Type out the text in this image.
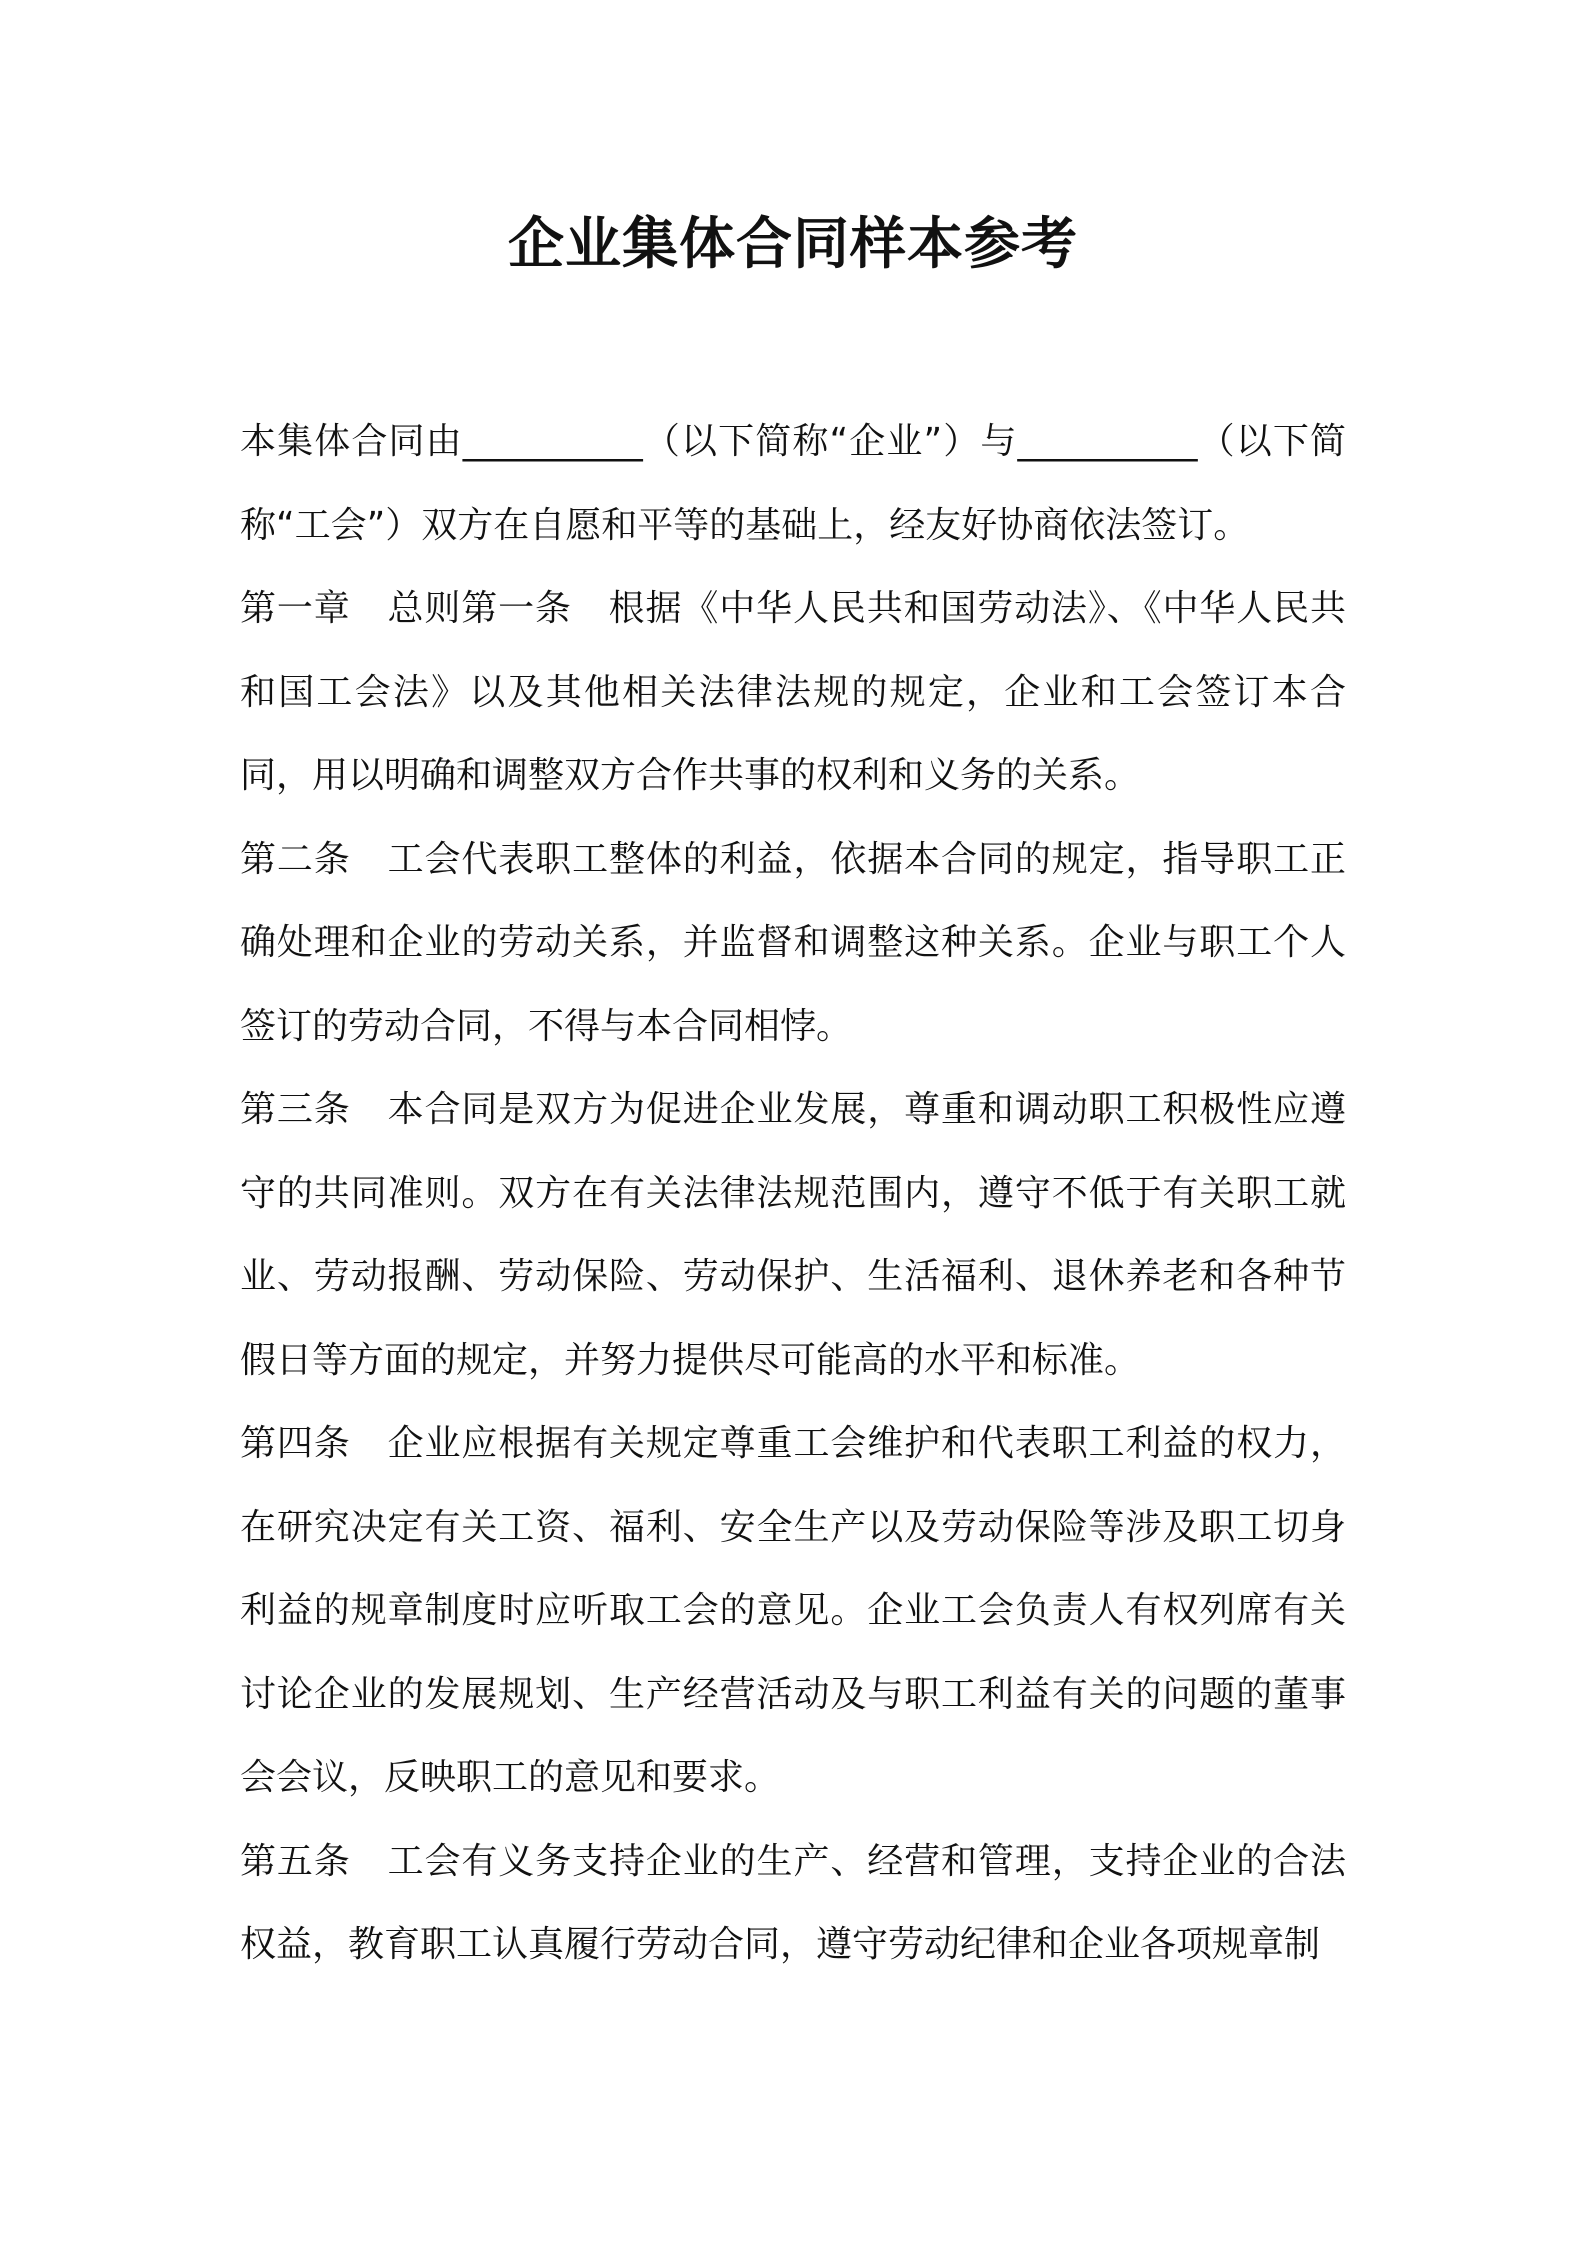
企业集体合同样本参考

本集体合同由__________（以下简称“企业”）与__________（以下简称“工会”）双方在自愿和平等的基础上，经友好协商依法签订。

第一章　总则第一条　根据《中华人民共和国劳动法》、《中华人民共和国工会法》以及其他相关法律法规的规定，企业和工会签订本合同，用以明确和调整双方合作共事的权利和义务的关系。

第二条　工会代表职工整体的利益，依据本合同的规定，指导职工正确处理和企业的劳动关系，并监督和调整这种关系。企业与职工个人签订的劳动合同，不得与本合同相悖。

第三条　本合同是双方为促进企业发展，尊重和调动职工积极性应遵守的共同准则。双方在有关法律法规范围内，遵守不低于有关职工就业、劳动报酬、劳动保险、劳动保护、生活福利、退休养老和各种节假日等方面的规定，并努力提供尽可能高的水平和标准。

第四条　企业应根据有关规定尊重工会维护和代表职工利益的权力，在研究决定有关工资、福利、安全生产以及劳动保险等涉及职工切身利益的规章制度时应听取工会的意见。企业工会负责人有权列席有关讨论企业的发展规划、生产经营活动及与职工利益有关的问题的董事会会议，反映职工的意见和要求。

第五条　工会有义务支持企业的生产、经营和管理，支持企业的合法权益，教育职工认真履行劳动合同，遵守劳动纪律和企业各项规章制
